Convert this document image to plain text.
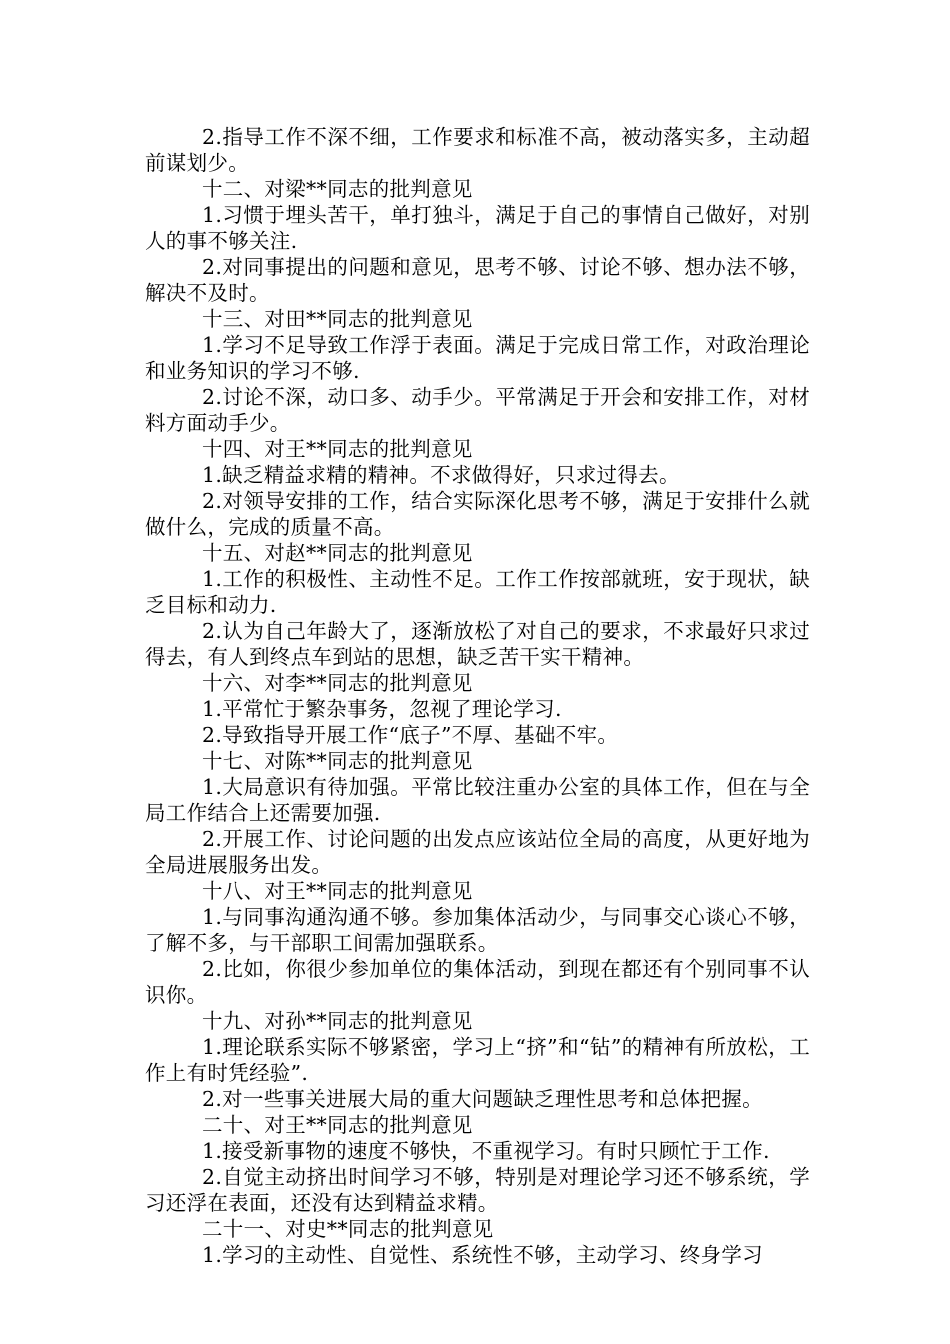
2.指导工作不深不细，工作要求和标准不高，被动落实多，主动超前谋划少。

十二、对梁**同志的批判意见

1.习惯于埋头苦干，单打独斗，满足于自己的事情自己做好，对别人的事不够关注.

2.对同事提出的问题和意见，思考不够、讨论不够、想办法不够，解决不及时。

十三、对田**同志的批判意见

1.学习不足导致工作浮于表面。满足于完成日常工作，对政治理论和业务知识的学习不够.

2.讨论不深，动口多、动手少。平常满足于开会和安排工作，对材料方面动手少。

十四、对王**同志的批判意见

1.缺乏精益求精的精神。不求做得好，只求过得去。

2.对领导安排的工作，结合实际深化思考不够，满足于安排什么就做什么，完成的质量不高。

十五、对赵**同志的批判意见

1.工作的积极性、主动性不足。工作工作按部就班，安于现状，缺乏目标和动力.

2.认为自己年龄大了，逐渐放松了对自己的要求，不求最好只求过得去，有人到终点车到站的思想，缺乏苦干实干精神。

十六、对李**同志的批判意见

1.平常忙于繁杂事务，忽视了理论学习.

2.导致指导开展工作“底子”不厚、基础不牢。

十七、对陈**同志的批判意见

1.大局意识有待加强。平常比较注重办公室的具体工作，但在与全局工作结合上还需要加强.

2.开展工作、讨论问题的出发点应该站位全局的高度，从更好地为全局进展服务出发。

十八、对王**同志的批判意见

1.与同事沟通沟通不够。参加集体活动少，与同事交心谈心不够，了解不多，与干部职工间需加强联系。

2.比如，你很少参加单位的集体活动，到现在都还有个别同事不认识你。

十九、对孙**同志的批判意见

1.理论联系实际不够紧密，学习上“挤”和“钻”的精神有所放松，工作上有时凭经验”.

2.对一些事关进展大局的重大问题缺乏理性思考和总体把握。

二十、对王**同志的批判意见

1.接受新事物的速度不够快，不重视学习。有时只顾忙于工作.

2.自觉主动挤出时间学习不够，特别是对理论学习还不够系统，学习还浮在表面，还没有达到精益求精。

二十一、对史**同志的批判意见

1.学习的主动性、自觉性、系统性不够，主动学习、终身学习
